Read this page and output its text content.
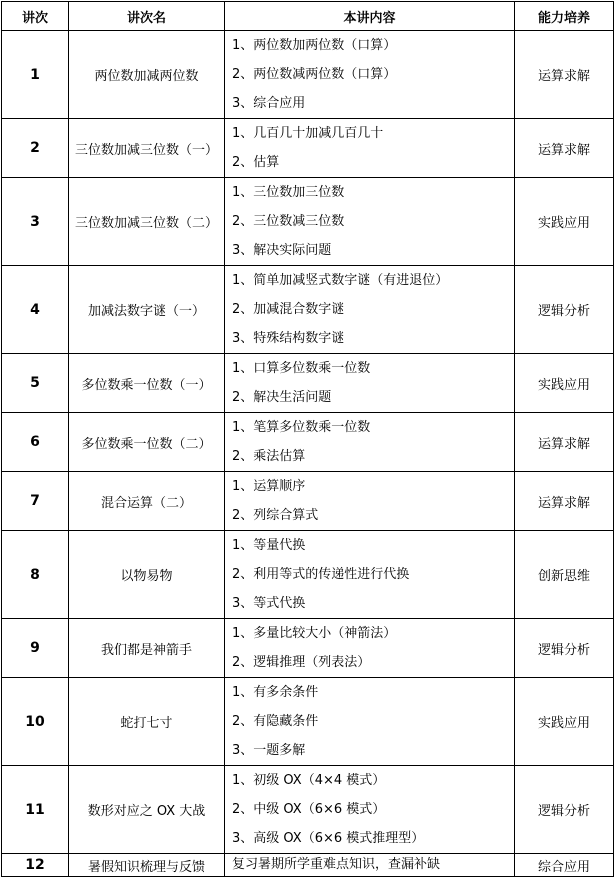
讲次	讲次名	本讲内容	能力培养
1	两位数加减两位数	1、两位数加两位数（口算）
2、两位数减两位数（口算）
3、综合应用	运算求解
2	三位数加减三位数（一）	1、几百几十加减几百几十
2、估算	运算求解
3	三位数加减三位数（二）	1、三位数加三位数
2、三位数减三位数
3、解决实际问题	实践应用
4	加减法数字谜（一）	1、简单加减竖式数字谜（有进退位）
2、加减混合数字谜
3、特殊结构数字谜	逻辑分析
5	多位数乘一位数（一）	1、口算多位数乘一位数
2、解决生活问题	实践应用
6	多位数乘一位数（二）	1、笔算多位数乘一位数
2、乘法估算	运算求解
7	混合运算（二）	1、运算顺序
2、列综合算式	运算求解
8	以物易物	1、等量代换
2、利用等式的传递性进行代换
3、等式代换	创新思维
9	我们都是神箭手	1、多量比较大小（神箭法）
2、逻辑推理（列表法）	逻辑分析
10	蛇打七寸	1、有多余条件
2、有隐藏条件
3、一题多解	实践应用
11	数形对应之 OX 大战	1、初级 OX（4×4 模式）
2、中级 OX（6×6 模式）
3、高级 OX（6×6 模式推理型）	逻辑分析
12	暑假知识梳理与反馈	复习暑期所学重难点知识，查漏补缺	综合应用
